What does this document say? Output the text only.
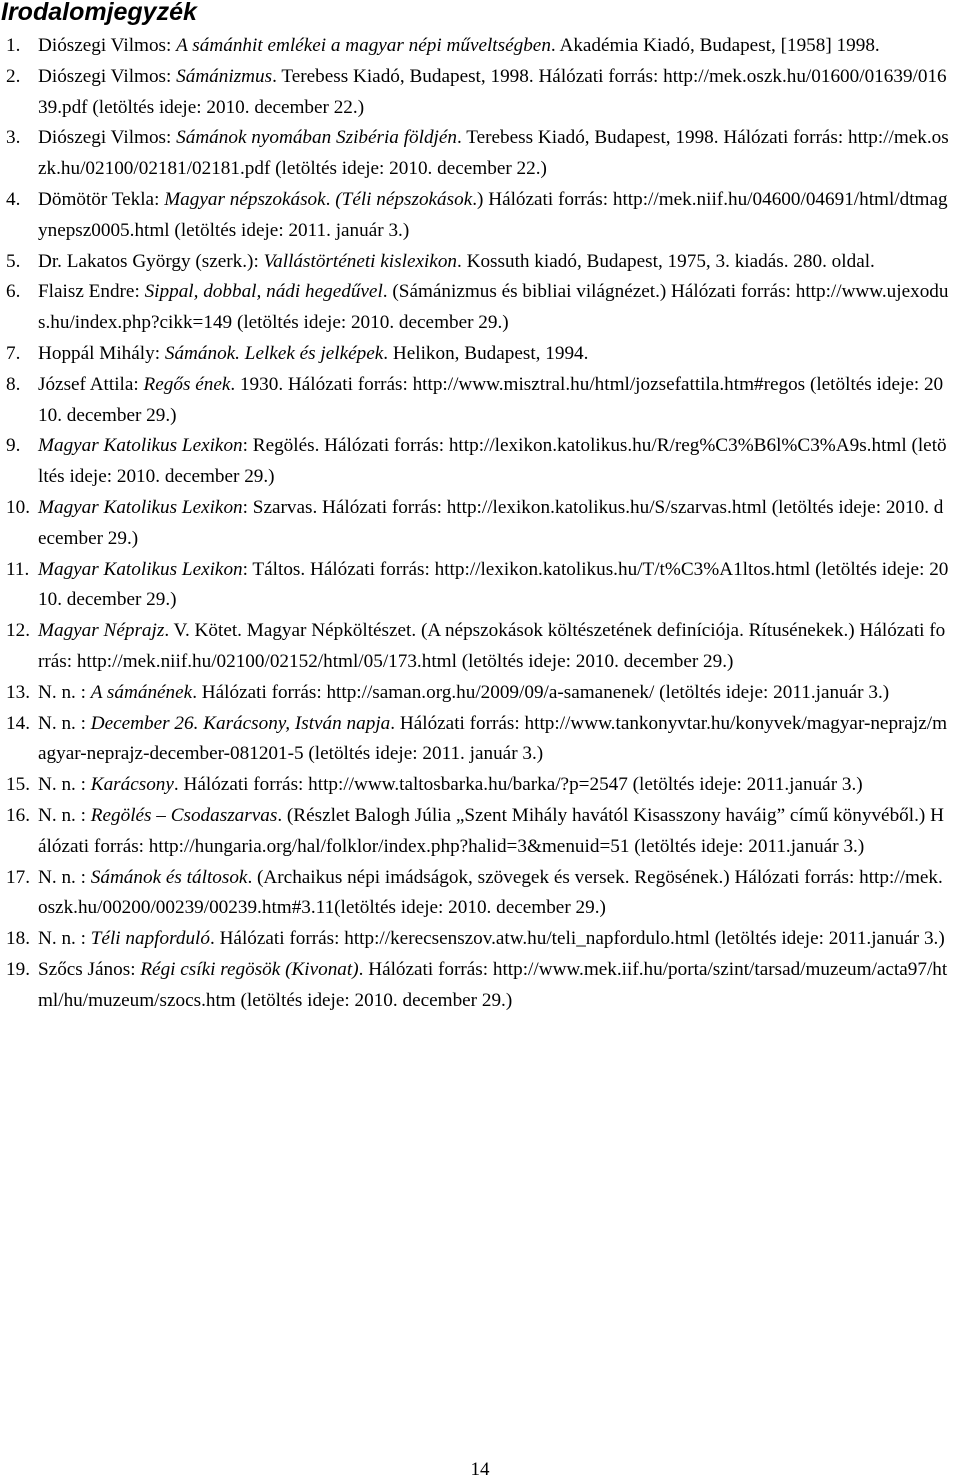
Irodalomjegyzék
1. Diószegi Vilmos: A sámánhit emlékei a magyar népi műveltségben. Akadémia Kiadó, Budapest, [1958] 1998.
2. Diószegi Vilmos: Sámánizmus. Terebess Kiadó, Budapest, 1998. Hálózati forrás: http://mek.oszk.hu/01600/01639/01639.pdf (letöltés ideje: 2010. december 22.)
3. Diószegi Vilmos: Sámánok nyomában Szibéria földjén. Terebess Kiadó, Budapest, 1998. Hálózati forrás: http://mek.oszk.hu/02100/02181/02181.pdf (letöltés ideje: 2010. december 22.)
4. Dömötör Tekla: Magyar népszokások. (Téli népszokások.) Hálózati forrás: http://mek.niif.hu/04600/04691/html/dtmagynepsz0005.html (letöltés ideje: 2011. január 3.)
5. Dr. Lakatos György (szerk.): Vallástörténeti kislexikon. Kossuth kiadó, Budapest, 1975, 3. kiadás. 280. oldal.
6. Flaisz Endre: Sippal, dobbal, nádi hegedűvel. (Sámánizmus és bibliai világnézet.) Hálózati forrás: http://www.ujexodus.hu/index.php?cikk=149 (letöltés ideje: 2010. december 29.)
7. Hoppál Mihály: Sámánok. Lelkek és jelképek. Helikon, Budapest, 1994.
8. József Attila: Regős ének. 1930. Hálózati forrás: http://www.misztral.hu/html/jozsefattila.htm#regos (letöltés ideje: 2010. december 29.)
9. Magyar Katolikus Lexikon: Regölés. Hálózati forrás: http://lexikon.katolikus.hu/R/reg%C3%B6l%C3%A9s.html (letöltés ideje: 2010. december 29.)
10. Magyar Katolikus Lexikon: Szarvas. Hálózati forrás: http://lexikon.katolikus.hu/S/szarvas.html (letöltés ideje: 2010. december 29.)
11. Magyar Katolikus Lexikon: Táltos. Hálózati forrás: http://lexikon.katolikus.hu/T/t%C3%A1ltos.html (letöltés ideje: 2010. december 29.)
12. Magyar Néprajz. V. Kötet. Magyar Népköltészet. (A népszokások költészetének definíciója. Rítusénekek.) Hálózati forrás: http://mek.niif.hu/02100/02152/html/05/173.html (letöltés ideje: 2010. december 29.)
13. N. n. : A sámánének. Hálózati forrás: http://saman.org.hu/2009/09/a-samanenek/ (letöltés ideje: 2011.január 3.)
14. N. n. : December 26. Karácsony, István napja. Hálózati forrás: http://www.tankonyvtar.hu/konyvek/magyar-neprajz/magyar-neprajz-december-081201-5 (letöltés ideje: 2011. január 3.)
15. N. n. : Karácsony. Hálózati forrás: http://www.taltosbarka.hu/barka/?p=2547 (letöltés ideje: 2011.január 3.)
16. N. n. : Regölés – Csodaszarvas. (Részlet Balogh Júlia „Szent Mihály havától Kisasszony haváig” című könyvéből.) Hálózati forrás: http://hungaria.org/hal/folklor/index.php?halid=3&menuid=51 (letöltés ideje: 2011.január 3.)
17. N. n. : Sámánok és táltosok. (Archaikus népi imádságok, szövegek és versek. Regösének.) Hálózati forrás: http://mek.oszk.hu/00200/00239/00239.htm#3.11(letöltés ideje: 2010. december 29.)
18. N. n. : Téli napforduló. Hálózati forrás: http://kerecsenszov.atw.hu/teli_napfordulo.html (letöltés ideje: 2011.január 3.)
19. Szőcs János: Régi csíki regösök (Kivonat). Hálózati forrás: http://www.mek.iif.hu/porta/szint/tarsad/muzeum/acta97/html/hu/muzeum/szocs.htm (letöltés ideje: 2010. december 29.)
14
